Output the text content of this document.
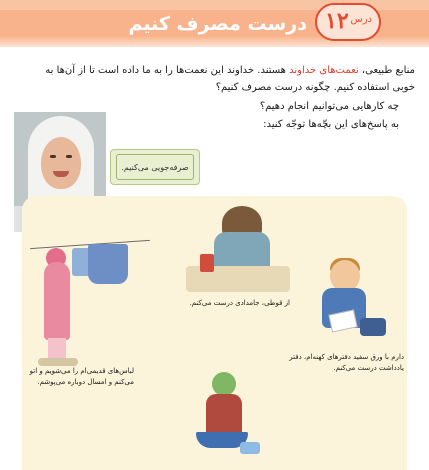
درست مصرف کنیم	درس
۱۲
منابع طبیعی، نعمت‌های خداوند هستند. خداوند این نعمت‌ها را به ما داده است تا از آن‌ها به
خوبی استفاده کنیم. چگونه درست مصرف کنیم؟
چه کارهایی می‌توانیم انجام دهیم؟
به پاسخ‌های این بچّه‌ها توجّه کنید:
صرفه‌جویی می‌کنیم.
از قوطی، جامدادی درست می‌کنم.
لباس‌های قدیمی‌ام را می‌شویم و اتو
می‌کنم و امسال دوباره می‌پوشم.
دارم با ورق سفید دفترهای کهنه‌ام، دفتر
یادداشت درست می‌کنم.
